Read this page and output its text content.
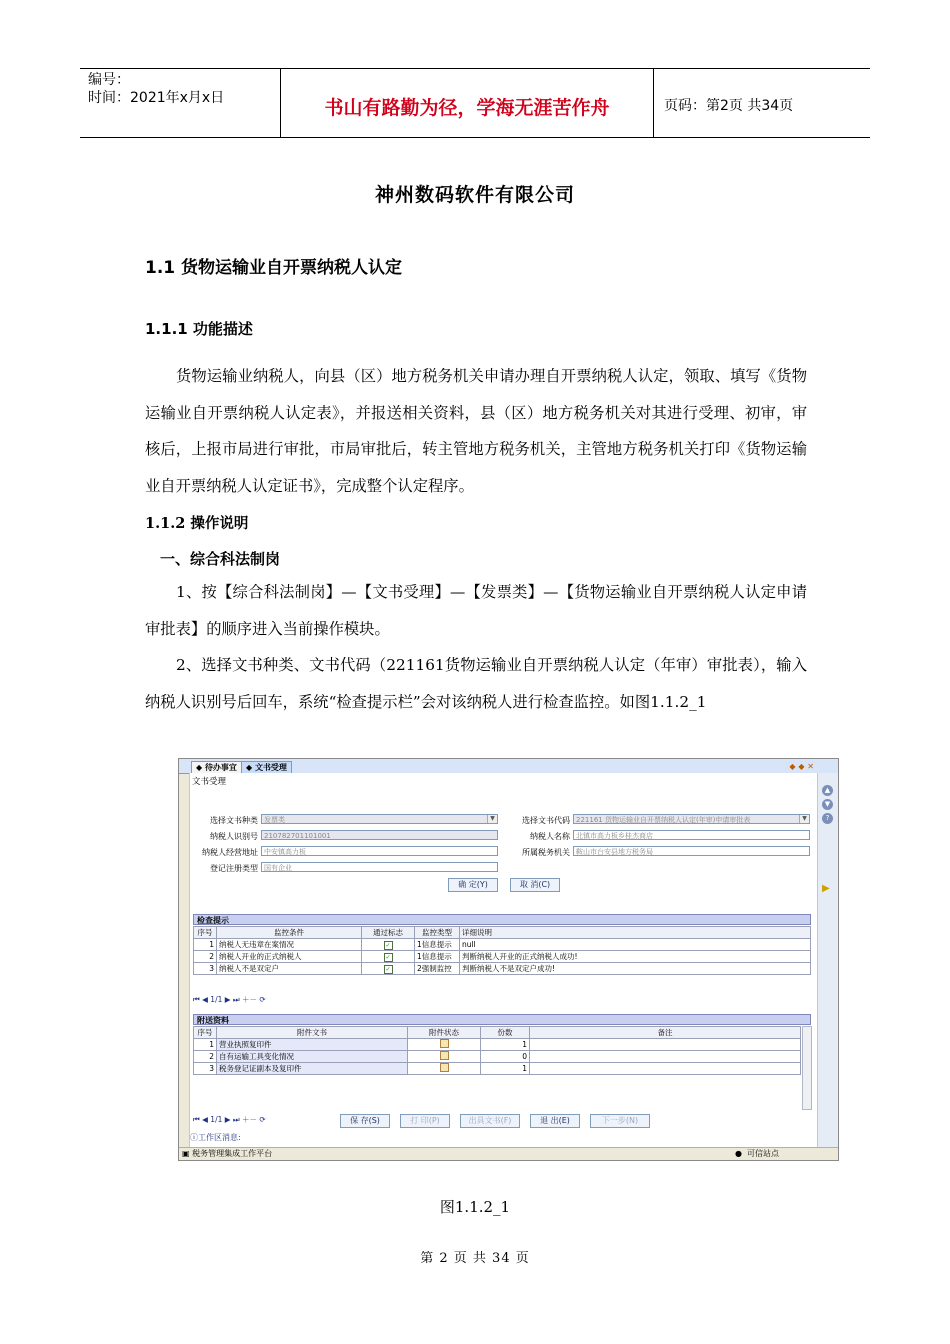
编号：
时间：2021年x月x日	书山有路勤为径，学海无涯苦作舟	页码：第2页 共34页
神州数码软件有限公司
1.1 货物运输业自开票纳税人认定
1.1.1 功能描述
货物运输业纳税人，向县（区）地方税务机关申请办理自开票纳税人认定，领取、填写《货物运输业自开票纳税人认定表》，并报送相关资料，县（区）地方税务机关对其进行受理、初审，审核后，上报市局进行审批，市局审批后，转主管地方税务机关，主管地方税务机关打印《货物运输业自开票纳税人认定证书》，完成整个认定程序。
1.1.2 操作说明
一、综合科法制岗
1、按【综合科法制岗】—【文书受理】—【发票类】—【货物运输业自开票纳税人认定申请审批表】的顺序进入当前操作模块。
2、选择文书种类、文书代码（221161货物运输业自开票纳税人认定（年审）审批表），输入纳税人识别号后回车，系统“检查提示栏”会对该纳税人进行检查监控。如图1.1.2_1
◆ 待办事宜	◆ 文书受理	◆ ◆ ✕
文书受理
选择文书种类 发票类	▼	选择文书代码 221161 货物运输业自开票纳税人认定(年审)申请审批表	▼
纳税人识别号 210782701101001	纳税人名称 北镇市高力板乡桂杰商店
纳税人经营地址 中安镇高力板	所属税务机关 鞍山市台安县地方税务局
登记注册类型 国有企业
确 定(Y)	取 消(C)
检查提示
序号	监控条件	通过标志	监控类型	详细说明
1	纳税人无违章在案情况	✓	1信息提示	null
2	纳税人开业的正式纳税人	✓	1信息提示	判断纳税人开业的正式纳税人成功!
3	纳税人不是双定户	✓	2强制监控	判断纳税人不是双定户成功!
⏮ ◀ 1/1 ▶ ⏭ ＋－ ⟳
附送资料
序号	附件文书	附件状态	份数	备注
1	营业执照复印件		1	
2	自有运输工具变化情况		0	
3	税务登记证副本及复印件		1	
⏮ ◀ 1/1 ▶ ⏭ ＋－ ⟳	保 存(S)	打 印(P)	出具文书(F)	退 出(E)	下一步(N)
ⓘ工作区消息:
▲
▼
?
▶
▣ 税务管理集成工作平台	● 可信站点
图1.1.2_1
第 2 页 共 34 页
